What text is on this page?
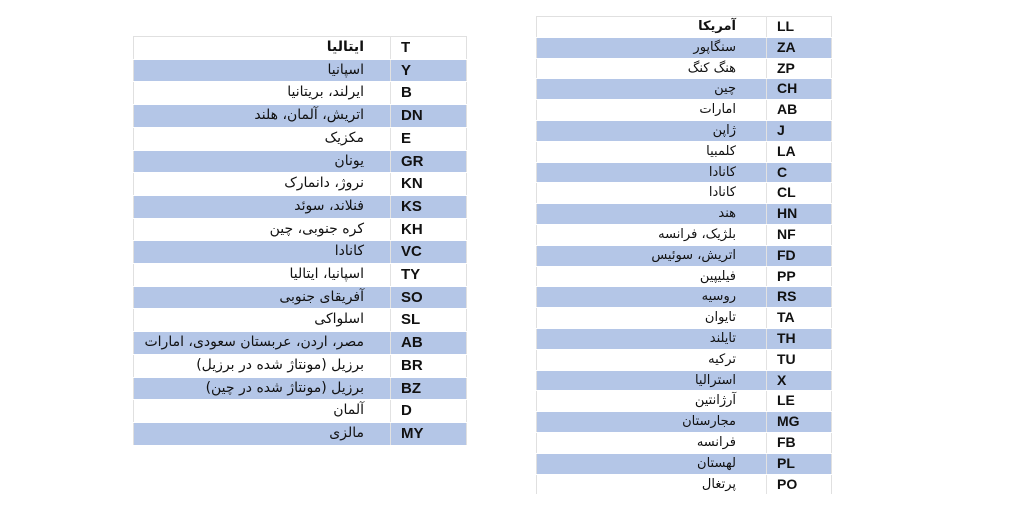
ایتالیا	T
اسپانیا	Y
ایرلند، بریتانیا	B
اتریش، آلمان، هلند	DN
مکزیک	E
یونان	GR
نروژ، دانمارک	KN
فنلاند، سوئد	KS
کره جنوبی، چین	KH
کانادا	VC
اسپانیا، ایتالیا	TY
آفریقای جنوبی	SO
اسلواکی	SL
مصر، اردن، عربستان سعودی، امارات	AB
برزیل (مونتاژ شده در برزیل)	BR
برزیل (مونتاژ شده در چین)	BZ
آلمان	D
مالزی	MY
آمریکا	LL
سنگاپور	ZA
هنگ کنگ	ZP
چین	CH
امارات	AB
ژاپن	J
کلمبیا	LA
کانادا	C
کانادا	CL
هند	HN
بلژیک، فرانسه	NF
اتریش، سوئیس	FD
فیلیپین	PP
روسیه	RS
تایوان	TA
تایلند	TH
ترکیه	TU
استرالیا	X
آرژانتین	LE
مجارستان	MG
فرانسه	FB
لهستان	PL
پرتغال	PO
